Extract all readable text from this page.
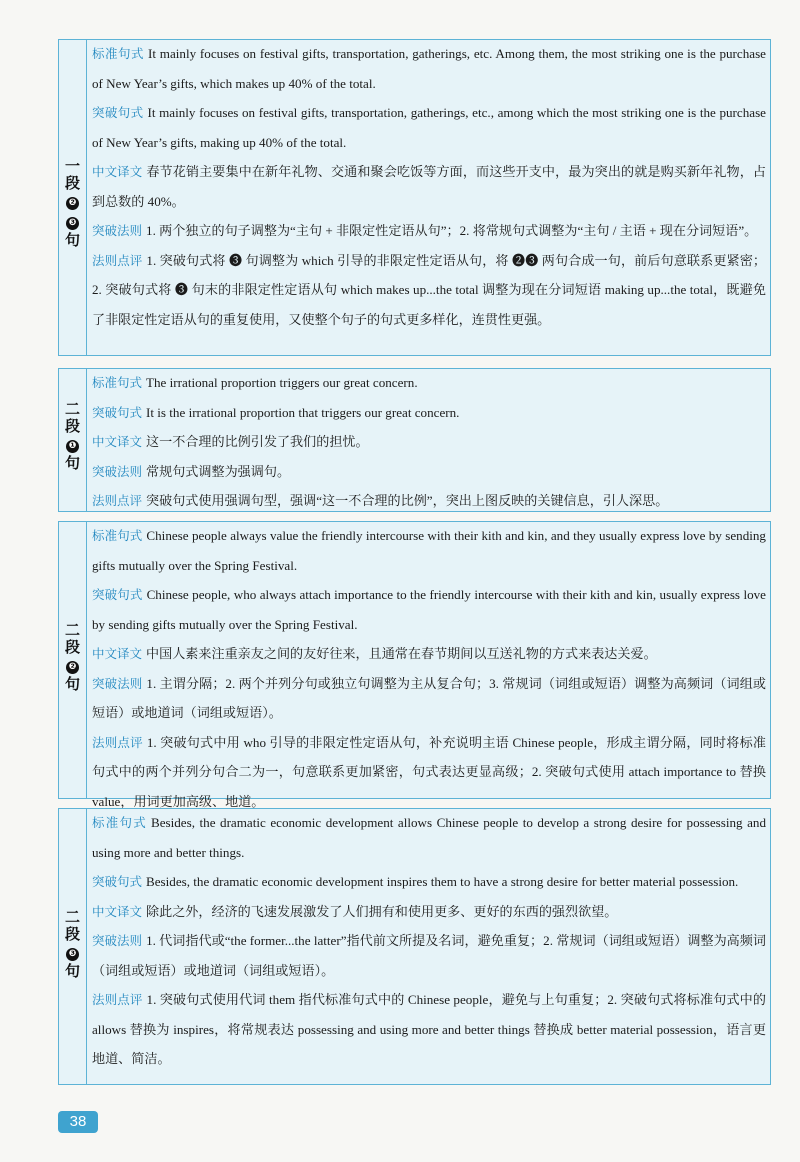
一
段
❷
❸
句
标准句式 It mainly focuses on festival gifts, transportation, gatherings, etc. Among them, the most striking one is the purchase of New Year’s gifts, which makes up 40% of the total.
突破句式 It mainly focuses on festival gifts, transportation, gatherings, etc., among which the most striking one is the purchase of New Year’s gifts, making up 40% of the total.
中文译文 春节花销主要集中在新年礼物、交通和聚会吃饭等方面，而这些开支中，最为突出的就是购买新年礼物，占到总数的 40%。
突破法则 1. 两个独立的句子调整为“主句 + 非限定性定语从句”；2. 将常规句式调整为“主句 / 主语 + 现在分词短语”。
法则点评 1. 突破句式将 ❸ 句调整为 which 引导的非限定性定语从句，将 ❷❸ 两句合成一句，前后句意联系更紧密；2. 突破句式将 ❸ 句末的非限定性定语从句 which makes up...the total 调整为现在分词短语 making up...the total，既避免了非限定性定语从句的重复使用，又使整个句子的句式更多样化，连贯性更强。
二
段
❶
句
标准句式 The irrational proportion triggers our great concern.
突破句式 It is the irrational proportion that triggers our great concern.
中文译文 这一不合理的比例引发了我们的担忧。
突破法则 常规句式调整为强调句。
法则点评 突破句式使用强调句型，强调“这一不合理的比例”，突出上图反映的关键信息，引人深思。
二
段
❷
句
标准句式 Chinese people always value the friendly intercourse with their kith and kin, and they usually express love by sending gifts mutually over the Spring Festival.
突破句式 Chinese people, who always attach importance to the friendly intercourse with their kith and kin, usually express love by sending gifts mutually over the Spring Festival.
中文译文 中国人素来注重亲友之间的友好往来，且通常在春节期间以互送礼物的方式来表达关爱。
突破法则 1. 主谓分隔；2. 两个并列分句或独立句调整为主从复合句；3. 常规词（词组或短语）调整为高频词（词组或短语）或地道词（词组或短语）。
法则点评 1. 突破句式中用 who 引导的非限定性定语从句，补充说明主语 Chinese people，形成主谓分隔，同时将标准句式中的两个并列分句合二为一，句意联系更加紧密，句式表达更显高级；2. 突破句式使用 attach importance to 替换 value，用词更加高级、地道。
二
段
❸
句
标准句式 Besides, the dramatic economic development allows Chinese people to develop a strong desire for possessing and using more and better things.
突破句式 Besides, the dramatic economic development inspires them to have a strong desire for better material possession.
中文译文 除此之外，经济的飞速发展激发了人们拥有和使用更多、更好的东西的强烈欲望。
突破法则 1. 代词指代或“the former...the latter”指代前文所提及名词，避免重复；2. 常规词（词组或短语）调整为高频词（词组或短语）或地道词（词组或短语）。
法则点评 1. 突破句式使用代词 them 指代标准句式中的 Chinese people，避免与上句重复；2. 突破句式将标准句式中的 allows 替换为 inspires，将常规表达 possessing and using more and better things 替换成 better material possession，语言更地道、简洁。
38
